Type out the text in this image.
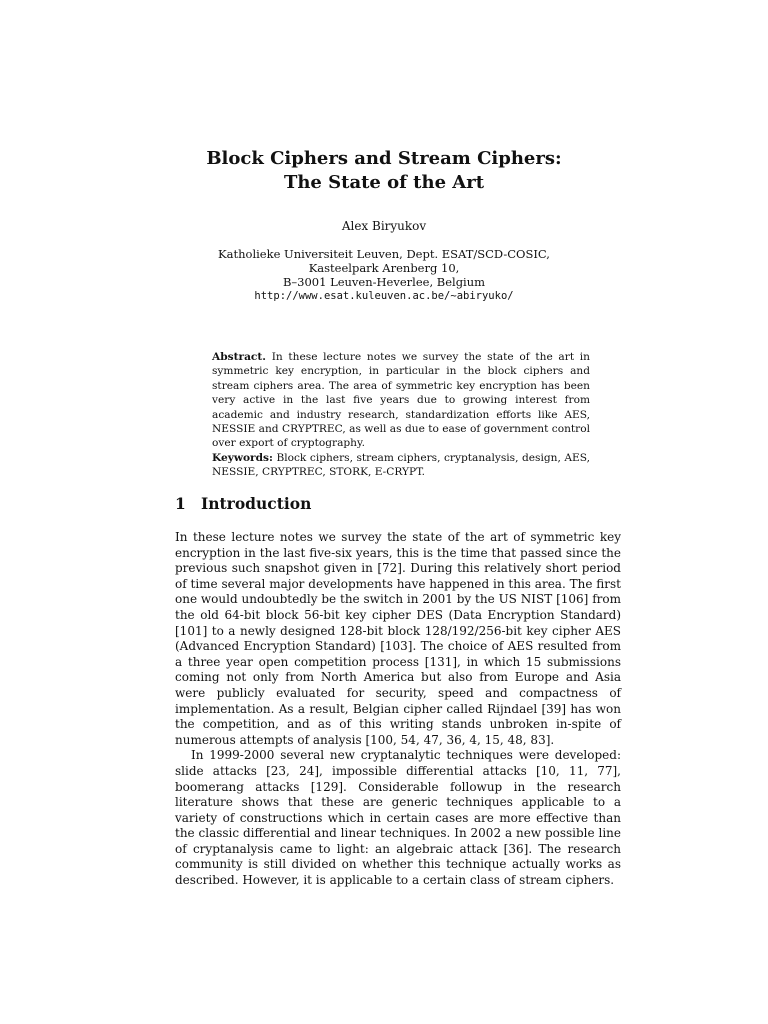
Block Ciphers and Stream Ciphers:
The State of the Art
Alex Biryukov
Katholieke Universiteit Leuven, Dept. ESAT/SCD-COSIC,
Kasteelpark Arenberg 10,
B–3001 Leuven-Heverlee, Belgium
http://www.esat.kuleuven.ac.be/~abiryuko/
Abstract. In these lecture notes we survey the state of the art in symmetric key encryption, in particular in the block ciphers and stream ciphers area. The area of symmetric key encryption has been very active in the last five years due to growing interest from academic and industry research, standardization efforts like AES, NESSIE and CRYPTREC, as well as due to ease of government control over export of cryptography.
Keywords: Block ciphers, stream ciphers, cryptanalysis, design, AES, NESSIE, CRYPTREC, STORK, E-CRYPT.
1 Introduction

In these lecture notes we survey the state of the art of symmetric key encryption in the last five-six years, this is the time that passed since the previous such snapshot given in [72]. During this relatively short period of time several major developments have happened in this area. The first one would undoubtedly be the switch in 2001 by the US NIST [106] from the old 64-bit block 56-bit key cipher DES (Data Encryption Standard) [101] to a newly designed 128-bit block 128/192/256-bit key cipher AES (Advanced Encryption Standard) [103]. The choice of AES resulted from a three year open competition process [131], in which 15 submissions coming not only from North America but also from Europe and Asia were publicly evaluated for security, speed and compactness of implementation. As a result, Belgian cipher called Rijndael [39] has won the competition, and as of this writing stands unbroken in-spite of numerous attempts of analysis [100, 54, 47, 36, 4, 15, 48, 83].

In 1999-2000 several new cryptanalytic techniques were developed: slide attacks [23, 24], impossible differential attacks [10, 11, 77], boomerang attacks [129]. Considerable followup in the research literature shows that these are generic techniques applicable to a variety of constructions which in certain cases are more effective than the classic differential and linear techniques. In 2002 a new possible line of cryptanalysis came to light: an algebraic attack [36]. The research community is still divided on whether this technique actually works as described. However, it is applicable to a certain class of stream ciphers.
